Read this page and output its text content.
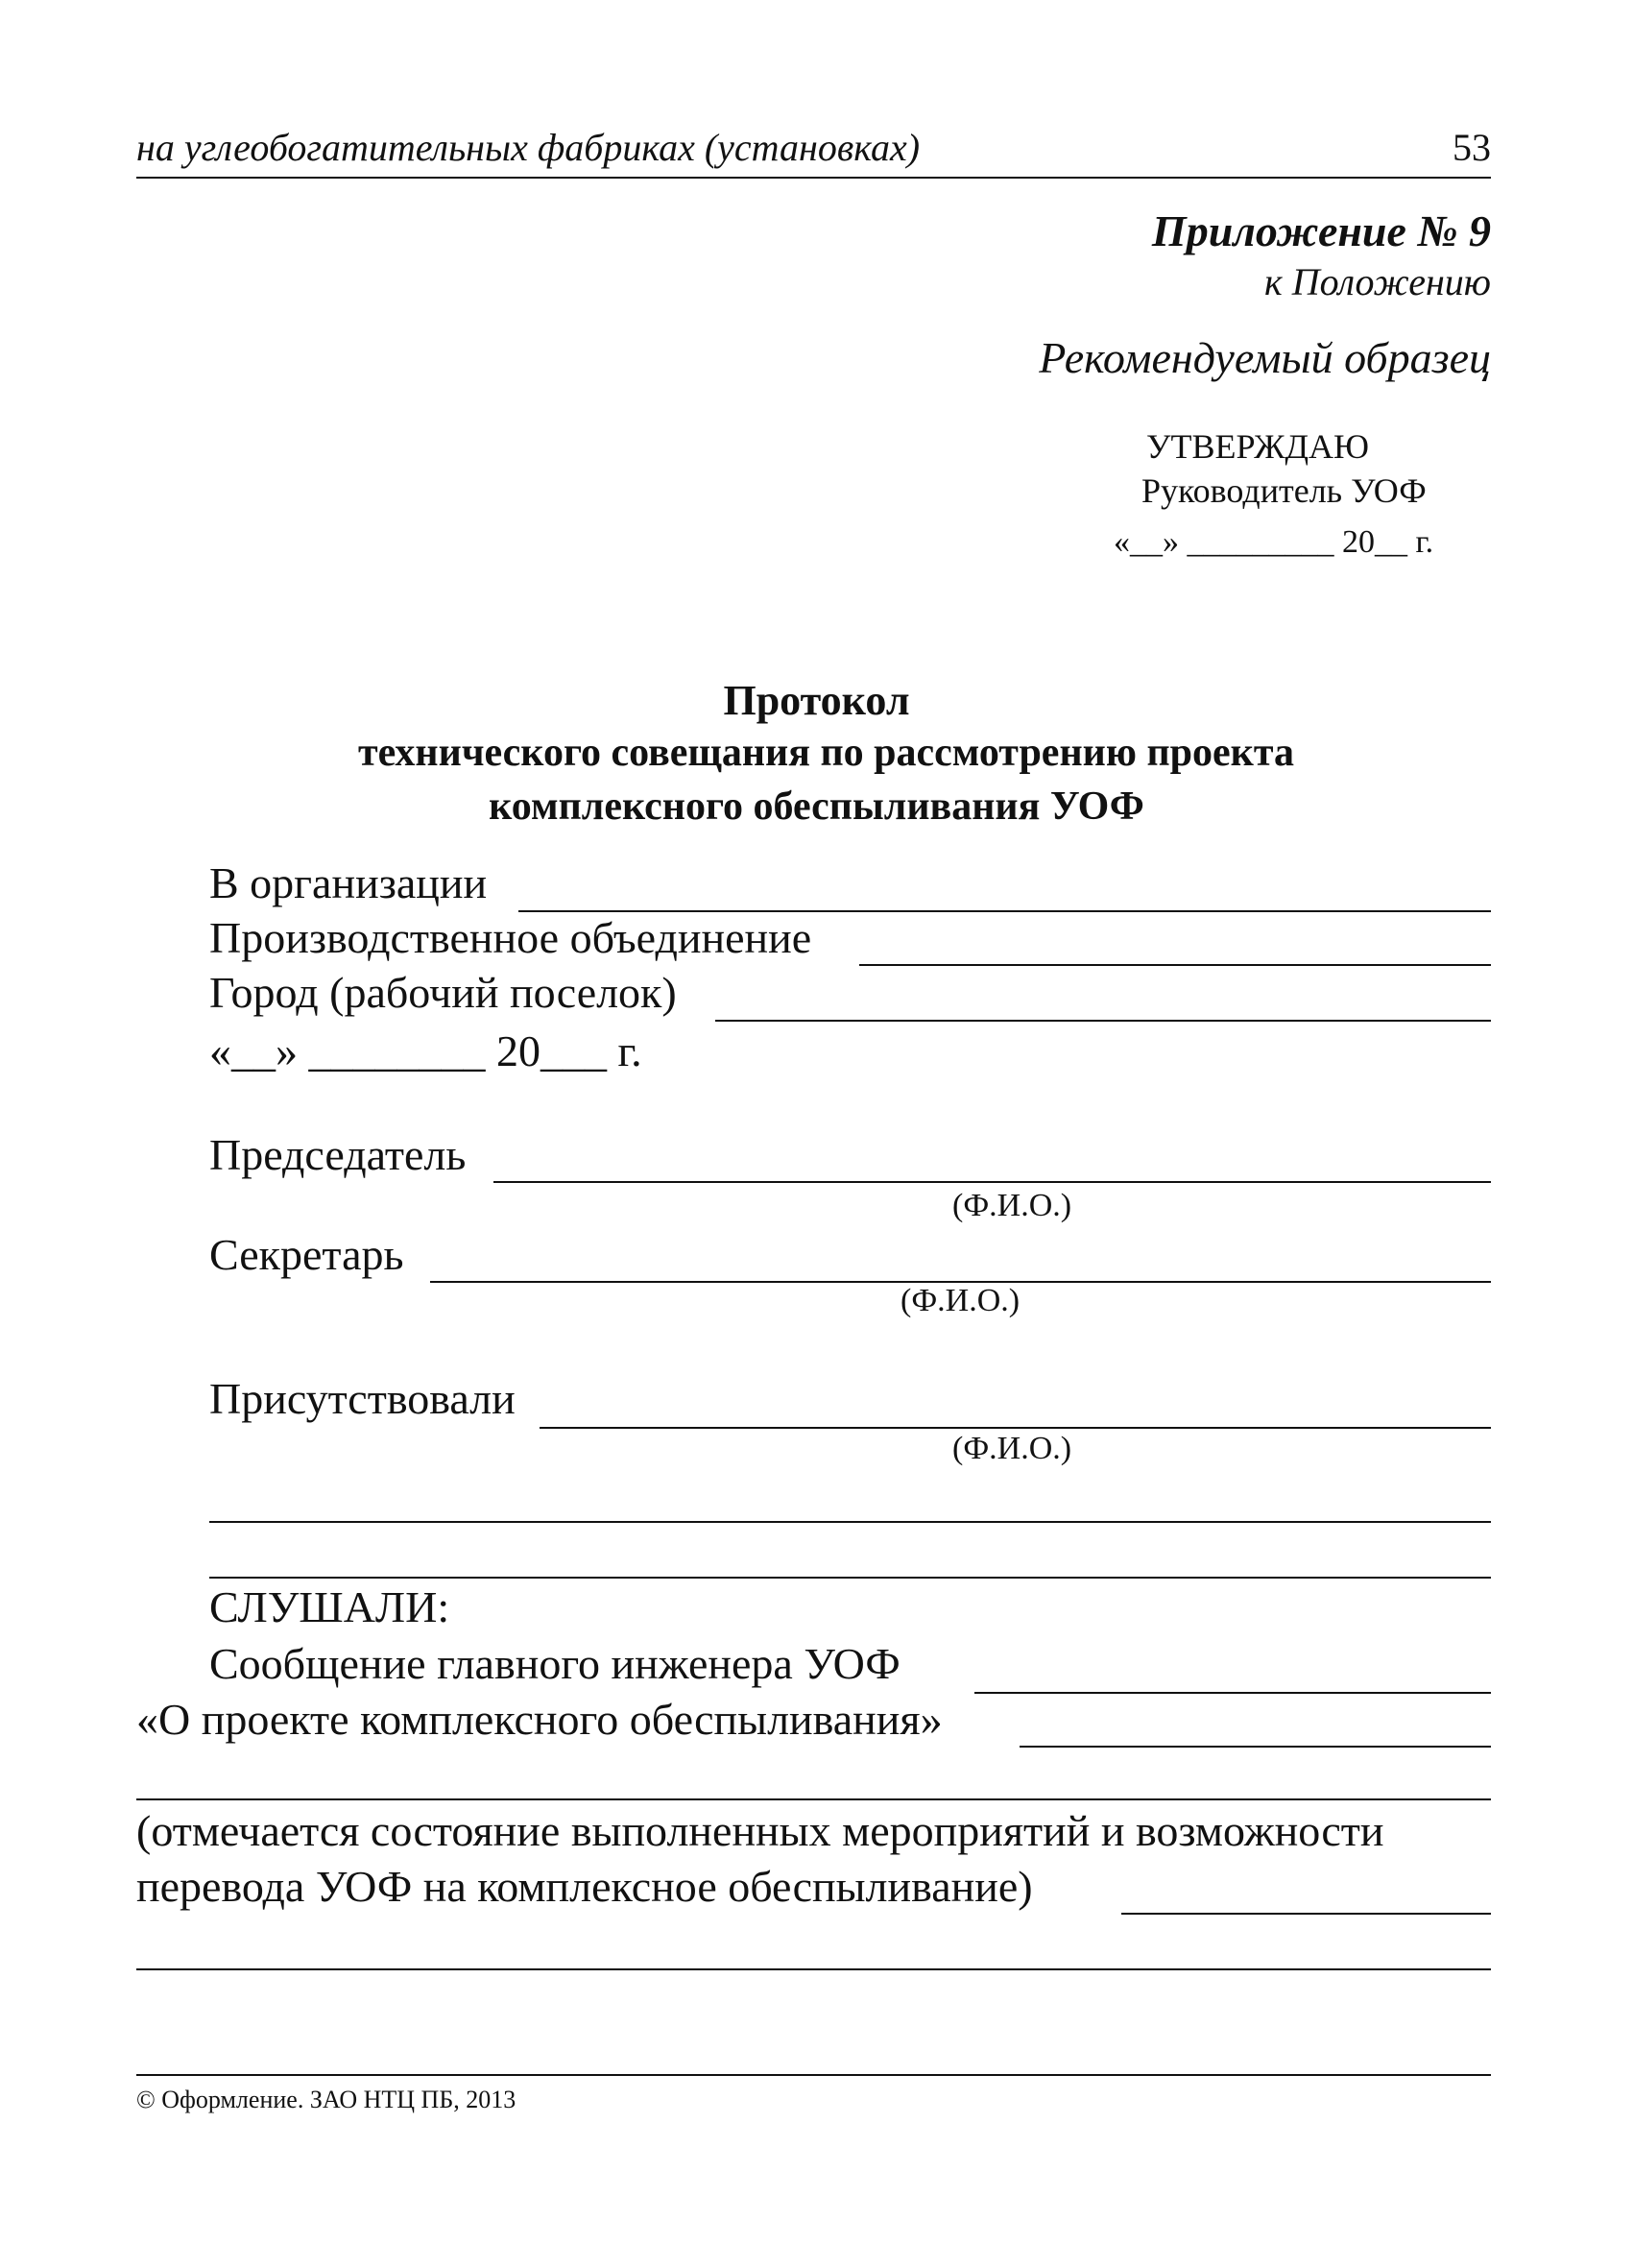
на углеобогатительных фабриках (установках)	53
Приложение № 9
к Положению
Рекомендуемый образец
УТВЕРЖДАЮ
Руководитель УОФ
«__» _________ 20__ г.
Протокол
технического совещания по рассмотрению проекта
комплексного обеспыливания УОФ
В организации
Производственное объединение
Город (рабочий поселок)
«__» ________ 20___ г.
Председатель
(Ф.И.О.)
Секретарь
(Ф.И.О.)
Присутствовали
(Ф.И.О.)
СЛУШАЛИ:
Сообщение главного инженера УОФ
«О проекте комплексного обеспыливания»
(отмечается состояние выполненных мероприятий и возможности
перевода УОФ на комплексное обеспыливание)
© Оформление. ЗАО НТЦ ПБ, 2013
